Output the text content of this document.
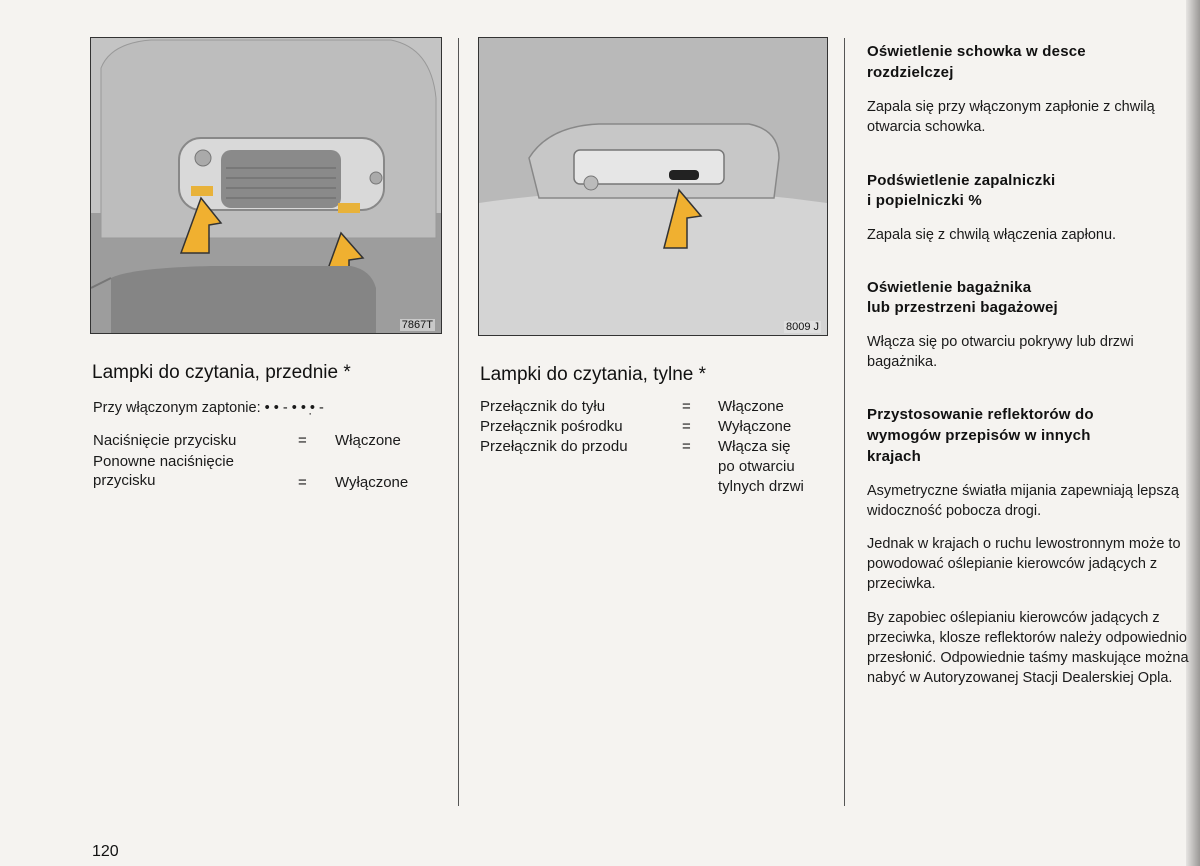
7867T	8009 J
Lampki do czytania, przednie *
Przy włączonym zaptonie: • • - • • •̣ -
Naciśnięcie przycisku	= Włączone
Ponowne naciśnięcie
przycisku	= Wyłączone
Lampki do czytania, tylne *
Przełącznik do tyłu	= Włączone
Przełącznik pośrodku	= Wyłączone
Przełącznik do przodu	= Włącza się
po otwarciu
tylnych drzwi
Oświetlenie schowka w desce
rozdzielczej
Zapala się przy włączonym zapłonie z chwilą otwarcia schowka.
Podświetlenie zapalniczki
i popielniczki %
Zapala się z chwilą włączenia zapłonu.
Oświetlenie bagażnika
lub przestrzeni bagażowej
Włącza się po otwarciu pokrywy lub drzwi bagażnika.
Przystosowanie reflektorów do
wymogów przepisów w innych
krajach
Asymetryczne światła mijania zapewniają lepszą widoczność pobocza drogi.
Jednak w krajach o ruchu lewostronnym może to powodować oślepianie kierowców jadących z przeciwka.
By zapobiec oślepianiu kierowców jadących z przeciwka, klosze reflektorów należy odpowiednio przesłonić. Odpowiednie taśmy maskujące można nabyć w Autoryzowanej Stacji Dealerskiej Opla.
120
